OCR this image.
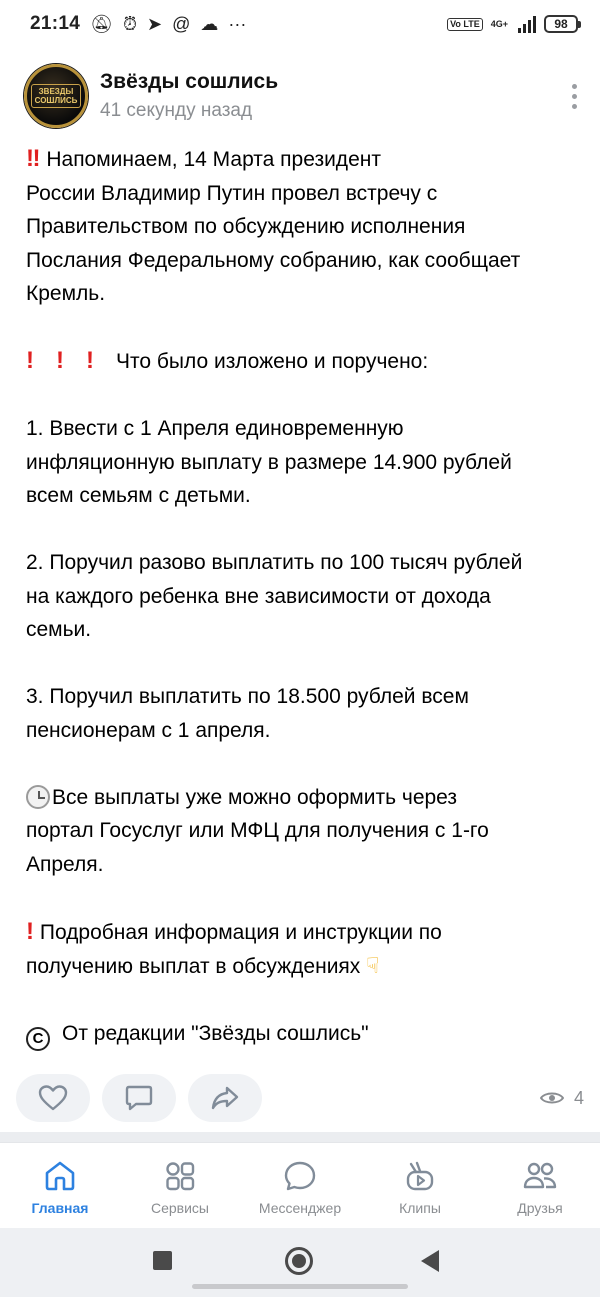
21:14 🔕︎ ⏰︎ ➤ @ ☁ ···	Vo LTE	4G+	98
ЗВЕЗДЫ
СОШЛИСЬ
Звёзды сошлись
41 секунду назад
‼ Напоминаем, 14 Марта президент
России Владимир Путин провел встречу с
Правительством по обсуждению исполнения
Послания Федеральному собранию, как сообщает
Кремль.
! ! ! Что было изложено и поручено:
1. Ввести с 1 Апреля единовременную
инфляционную выплату в размере 14.900 рублей
всем семьям с детьми.
2. Поручил разово выплатить по 100 тысяч рублей
на каждого ребенка вне зависимости от дохода
семьи.
3. Поручил выплатить по 18.500 рублей всем
пенсионерам с 1 апреля.
Все выплаты уже можно оформить через
портал Госуслуг или МФЦ для получения с 1-го
Апреля.
! Подробная информация и инструкции по
получению выплат в обсуждениях ☟
C От редакции "Звёзды сошлись"
4
Главная	Сервисы	Мессенджер	Клипы	Друзья
